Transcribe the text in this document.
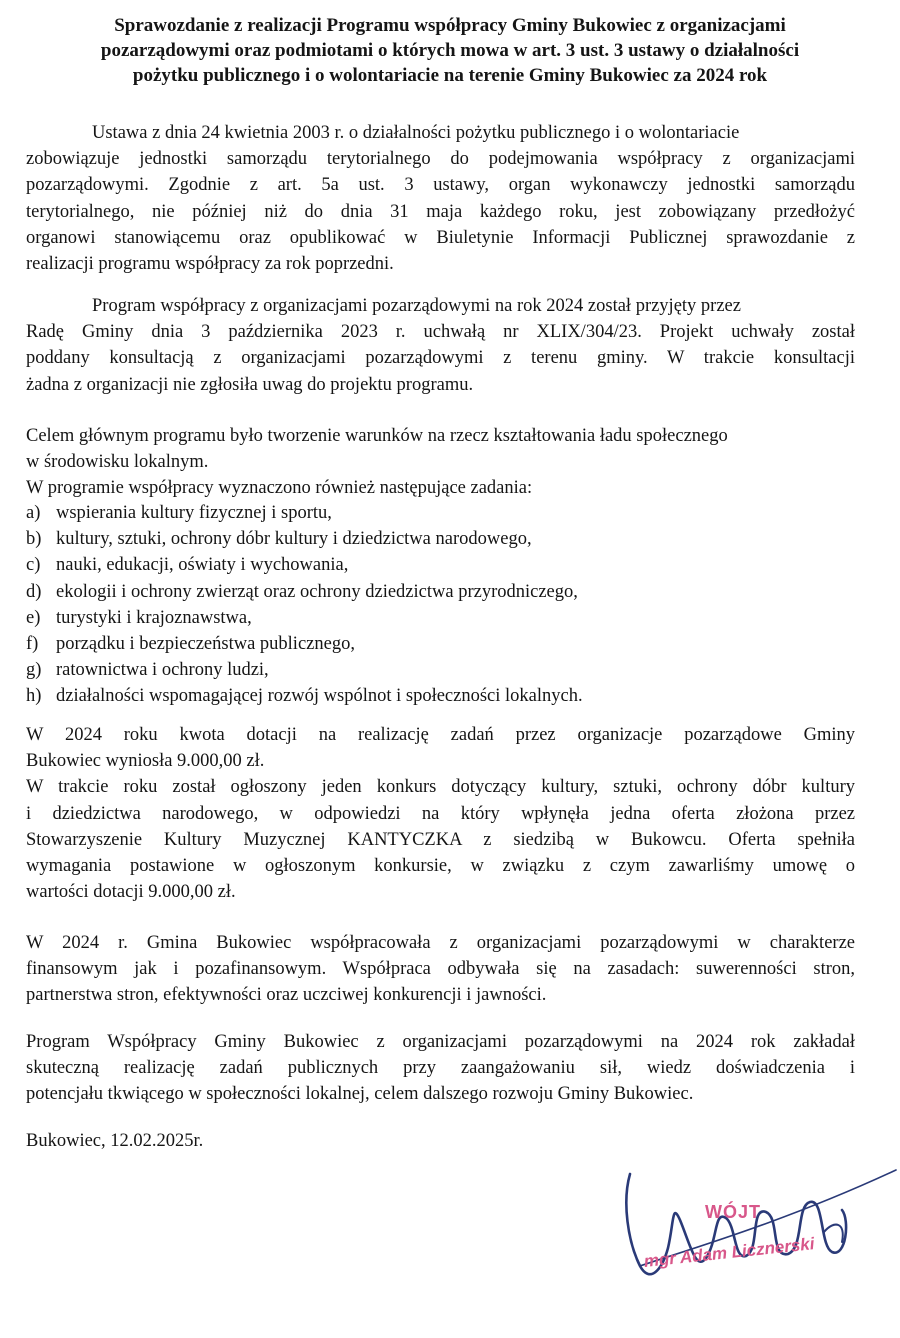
Sprawozdanie z realizacji Programu współpracy Gminy Bukowiec z organizacjami
pozarządowymi oraz podmiotami o których mowa w art. 3 ust. 3 ustawy o działalności
pożytku publicznego i o wolontariacie na terenie Gminy Bukowiec za 2024 rok
Ustawa z dnia 24 kwietnia 2003 r. o działalności pożytku publicznego i o wolontariacie
zobowiązuje jednostki samorządu terytorialnego do podejmowania współpracy z organizacjami
pozarządowymi. Zgodnie z art. 5a ust. 3 ustawy, organ wykonawczy jednostki samorządu
terytorialnego, nie później niż do dnia 31 maja każdego roku, jest zobowiązany przedłożyć
organowi stanowiącemu oraz opublikować w Biuletynie Informacji Publicznej sprawozdanie z
realizacji programu współpracy za rok poprzedni.
Program współpracy z organizacjami pozarządowymi na rok 2024 został przyjęty przez
Radę Gminy dnia 3 października 2023 r. uchwałą nr XLIX/304/23. Projekt uchwały został
poddany konsultacją z organizacjami pozarządowymi z terenu gminy. W trakcie konsultacji
żadna z organizacji nie zgłosiła uwag do projektu programu.
Celem głównym programu było tworzenie warunków na rzecz kształtowania ładu społecznego
w środowisku lokalnym.
W programie współpracy wyznaczono również następujące zadania:
a) wspierania kultury fizycznej i sportu,
b) kultury, sztuki, ochrony dóbr kultury i dziedzictwa narodowego,
c) nauki, edukacji, oświaty i wychowania,
d) ekologii i ochrony zwierząt oraz ochrony dziedzictwa przyrodniczego,
e) turystyki i krajoznawstwa,
f) porządku i bezpieczeństwa publicznego,
g) ratownictwa i ochrony ludzi,
h) działalności wspomagającej rozwój wspólnot i społeczności lokalnych.
W 2024 roku kwota dotacji na realizację zadań przez organizacje pozarządowe Gminy
Bukowiec wyniosła 9.000,00 zł.
W trakcie roku został ogłoszony jeden konkurs dotyczący kultury, sztuki, ochrony dóbr kultury
i dziedzictwa narodowego, w odpowiedzi na który wpłynęła jedna oferta złożona przez
Stowarzyszenie Kultury Muzycznej KANTYCZKA z siedzibą w Bukowcu. Oferta spełniła
wymagania postawione w ogłoszonym konkursie, w związku z czym zawarliśmy umowę o
wartości dotacji 9.000,00 zł.
W 2024 r. Gmina Bukowiec współpracowała z organizacjami pozarządowymi w charakterze
finansowym jak i pozafinansowym. Współpraca odbywała się na zasadach: suwerenności stron,
partnerstwa stron, efektywności oraz uczciwej konkurencji i jawności.
Program Współpracy Gminy Bukowiec z organizacjami pozarządowymi na 2024 rok zakładał
skuteczną realizację zadań publicznych przy zaangażowaniu sił, wiedz doświadczenia i
potencjału tkwiącego w społeczności lokalnej, celem dalszego rozwoju Gminy Bukowiec.
Bukowiec, 12.02.2025r.
WÓJT
mgr Adam Licznerski
